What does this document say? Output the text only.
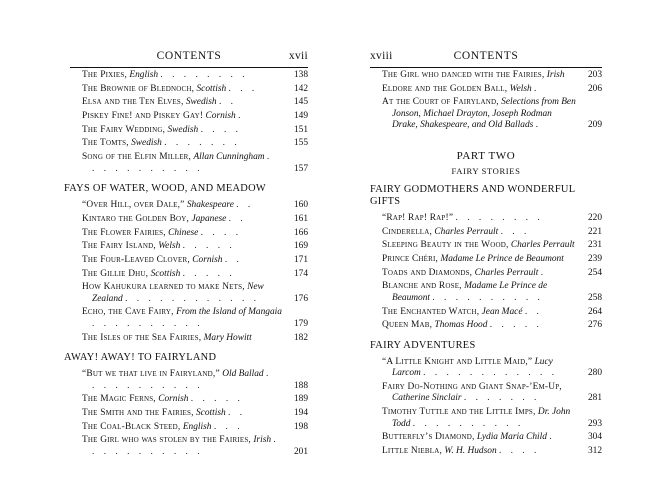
CONTENTS	xvii
The Pixies, English . . . . . . . .	138
The Brownie of Blednoch, Scottish . . .	142
Elsa and the Ten Elves, Swedish . .	145
Piskey Fine! and Piskey Gay! Cornish .	149
The Fairy Wedding, Swedish . . . .	151
The Tomts, Swedish . . . . . . .	155
Song of the Elfin Miller, Allan Cunningham . . . . . . . . . . .	157
FAYS OF WATER, WOOD, AND MEADOW
“Over Hill, over Dale,” Shakespeare . .	160
Kintaro the Golden Boy, Japanese . .	161
The Flower Fairies, Chinese . . . .	166
The Fairy Island, Welsh . . . . .	169
The Four-Leaved Clover, Cornish . .	171
The Gillie Dhu, Scottish . . . . .	174
How Kahukura learned to make Nets, New Zealand . . . . . . . . . . . .	176
Echo, the Cave Fairy, From the Island of Mangaia . . . . . . . . . .	179
The Isles of the Sea Fairies, Mary Howitt	182
AWAY! AWAY! TO FAIRYLAND
“But we that live in Fairyland,” Old Ballad . . . . . . . . . . .	188
The Magic Ferns, Cornish . . . . .	189
The Smith and the Fairies, Scottish . .	194
The Coal-Black Steed, English . . .	198
The Girl who was stolen by the Fairies, Irish . . . . . . . . . . .	201
xviii	CONTENTS
The Girl who danced with the Fairies, Irish	203
Eldore and the Golden Ball, Welsh .	206
At the Court of Fairyland, Selections from Ben Jonson, Michael Drayton, Joseph Rodman Drake, Shakespeare, and Old Ballads .	209
PART TWO
FAIRY STORIES
FAIRY GODMOTHERS AND WONDERFUL GIFTS
“Rap! Rap! Rap!” . . . . . . . .	220
Cinderella, Charles Perrault . . .	221
Sleeping Beauty in the Wood, Charles Perrault	231
Prince Chéri, Madame Le Prince de Beaumont	239
Toads and Diamonds, Charles Perrault .	254
Blanche and Rose, Madame Le Prince de Beaumont . . . . . . . . . .	258
The Enchanted Watch, Jean Macé . .	264
Queen Mab, Thomas Hood . . . . .	276
FAIRY ADVENTURES
“A Little Knight and Little Maid,” Lucy Larcom . . . . . . . . . . . .	280
Fairy Do-Nothing and Giant Snap-’Em-Up, Catherine Sinclair . . . . . . .	281
Timothy Tuttle and the Little Imps, Dr. John Todd . . . . . . . . . .	293
Butterfly’s Diamond, Lydia Maria Child .	304
Little Niebla, W. H. Hudson . . . .	312
